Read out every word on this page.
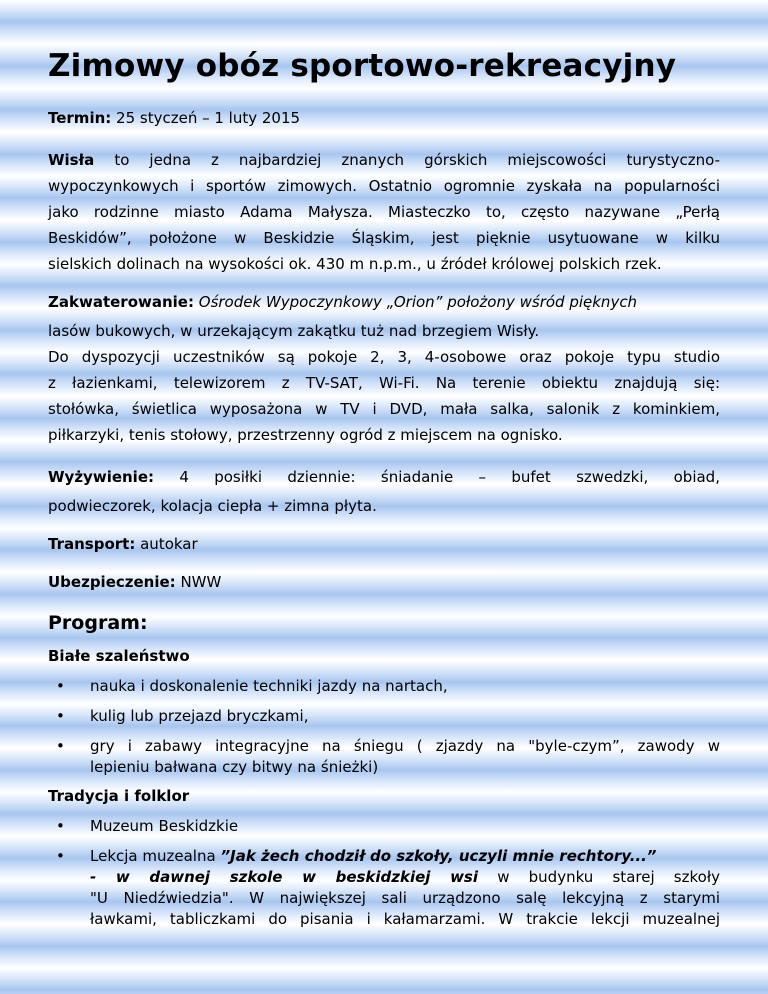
Zimowy obóz sportowo-rekreacyjny
Termin: 25 styczeń – 1 luty 2015
Wisła to jedna z najbardziej znanych górskich miejscowości turystyczno-
wypoczynkowych i sportów zimowych. Ostatnio ogromnie zyskała na popularności
jako rodzinne miasto Adama Małysza. Miasteczko to, często nazywane „Perłą
Beskidów”, położone w Beskidzie Śląskim, jest pięknie usytuowane w kilku
sielskich dolinach na wysokości ok. 430 m n.p.m., u źródeł królowej polskich rzek.
Zakwaterowanie: Ośrodek Wypoczynkowy „Orion” położony wśród pięknych
lasów bukowych, w urzekającym zakątku tuż nad brzegiem Wisły.
Do dyspozycji uczestników są pokoje 2, 3, 4-osobowe oraz pokoje typu studio
z łazienkami, telewizorem z TV-SAT, Wi-Fi. Na terenie obiektu znajdują się:
stołówka, świetlica wyposażona w TV i DVD, mała salka, salonik z kominkiem,
piłkarzyki, tenis stołowy, przestrzenny ogród z miejscem na ognisko.
Wyżywienie: 4 posiłki dziennie: śniadanie – bufet szwedzki, obiad,
podwieczorek, kolacja ciepła + zimna płyta.
Transport: autokar
Ubezpieczenie: NWW
Program:
Białe szaleństwo
•
nauka i doskonalenie techniki jazdy na nartach,
•
kulig lub przejazd bryczkami,
•
gry i zabawy integracyjne na śniegu ( zjazdy na "byle-czym”, zawody w
lepieniu bałwana czy bitwy na śnieżki)
Tradycja i folklor
•
Muzeum Beskidzkie
•
Lekcja muzealna ”Jak żech chodził do szkoły, uczyli mnie rechtory...”
- w dawnej szkole w beskidzkiej wsi w budynku starej szkoły
"U Niedźwiedzia". W największej sali urządzono salę lekcyjną z starymi
ławkami, tabliczkami do pisania i kałamarzami. W trakcie lekcji muzealnej
